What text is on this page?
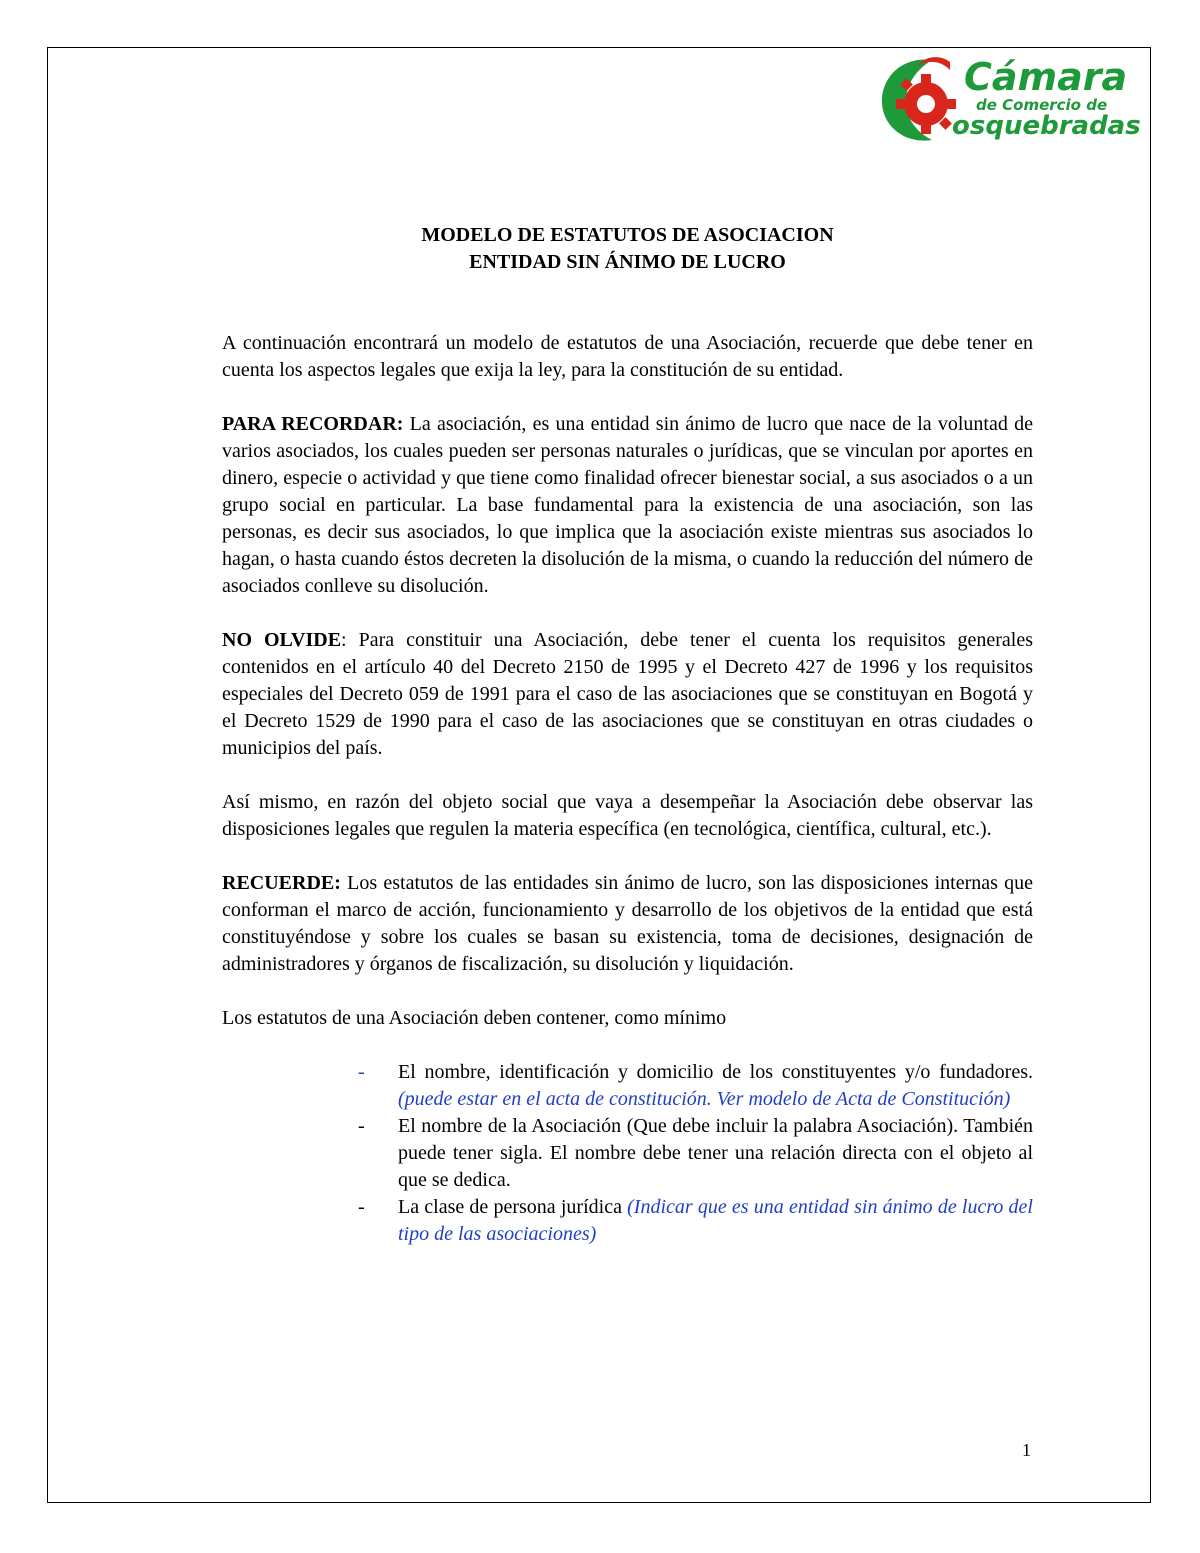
Cámara
de Comercio de
osquebradas

MODELO DE ESTATUTOS DE ASOCIACION

ENTIDAD SIN ÁNIMO DE LUCRO

A continuación encontrará un modelo de estatutos de una Asociación, recuerde que debe tener en cuenta los aspectos legales que exija la ley, para la constitución de su entidad.

PARA RECORDAR: La asociación, es una entidad sin ánimo de lucro que nace de la voluntad de varios asociados, los cuales pueden ser personas naturales o jurídicas, que se vinculan por aportes en dinero, especie o actividad y que tiene como finalidad ofrecer bienestar social, a sus asociados o a un grupo social en particular. La base fundamental para la existencia de una asociación, son las personas, es decir sus asociados, lo que implica que la asociación existe mientras sus asociados lo hagan, o hasta cuando éstos decreten la disolución de la misma, o cuando la reducción del número de asociados conlleve su disolución.

NO OLVIDE: Para constituir una Asociación, debe tener el cuenta los requisitos generales contenidos en el artículo 40 del Decreto 2150 de 1995 y el Decreto 427 de 1996 y los requisitos especiales del Decreto 059 de 1991 para el caso de las asociaciones que se constituyan en Bogotá y el Decreto 1529 de 1990 para el caso de las asociaciones que se constituyan en otras ciudades o municipios del país.

Así mismo, en razón del objeto social que vaya a desempeñar la Asociación debe observar las disposiciones legales que regulen la materia específica (en tecnológica, científica, cultural, etc.).

RECUERDE: Los estatutos de las entidades sin ánimo de lucro, son las disposiciones internas que conforman el marco de acción, funcionamiento y desarrollo de los objetivos de la entidad que está constituyéndose y sobre los cuales se basan su existencia, toma de decisiones, designación de administradores y órganos de fiscalización, su disolución y liquidación.

Los estatutos de una Asociación deben contener, como mínimo

-	El nombre, identificación y domicilio de los constituyentes y/o fundadores. (puede estar en el acta de constitución. Ver modelo de Acta de Constitución)
-	El nombre de la Asociación (Que debe incluir la palabra Asociación). También puede tener sigla. El nombre debe tener una relación directa con el objeto al que se dedica.
-	La clase de persona jurídica (Indicar que es una entidad sin ánimo de lucro del tipo de las asociaciones)
1
